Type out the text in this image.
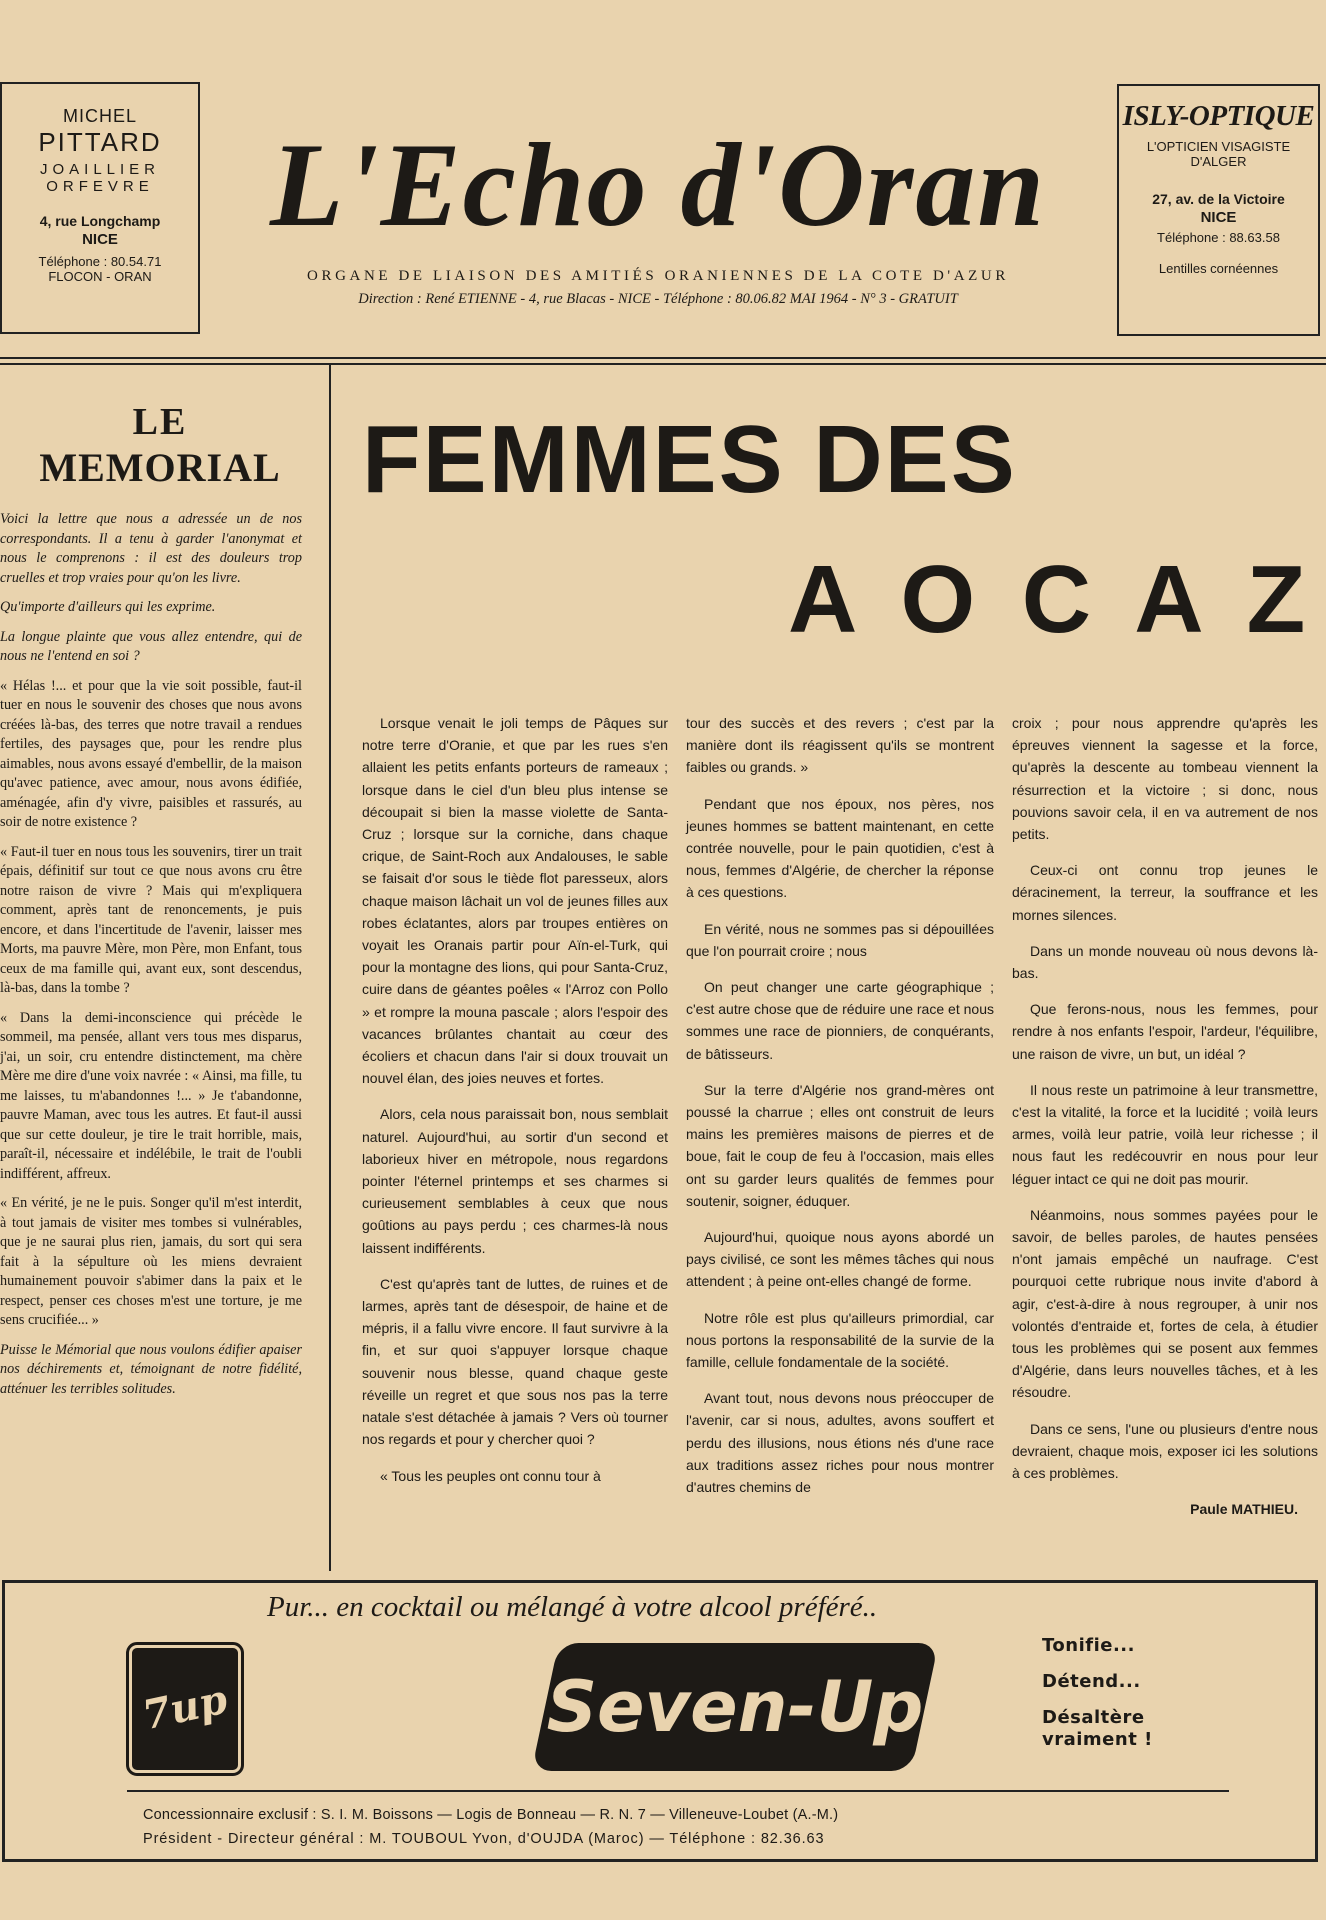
MICHEL
PITTARD
JOAILLIER
ORFEVRE
4, rue Longchamp
NICE
Téléphone : 80.54.71
FLOCON - ORAN
L'Echo d'Oran
ORGANE DE LIAISON DES AMITIÉS ORANIENNES DE LA COTE D'AZUR
Direction : René ETIENNE - 4, rue Blacas - NICE - Téléphone : 80.06.82 MAI 1964 - N° 3 - GRATUIT
ISLY-OPTIQUE
L'OPTICIEN VISAGISTE
D'ALGER
27, av. de la Victoire
NICE
Téléphone : 88.63.58
Lentilles cornéennes
LE
MEMORIAL

Voici la lettre que nous a adressée un de nos correspondants. Il a tenu à garder l'anonymat et nous le comprenons : il est des douleurs trop cruelles et trop vraies pour qu'on les livre.

Qu'importe d'ailleurs qui les exprime.

La longue plainte que vous allez entendre, qui de nous ne l'entend en soi ?

« Hélas !... et pour que la vie soit possible, faut-il tuer en nous le souvenir des choses que nous avons créées là-bas, des terres que notre travail a rendues fertiles, des paysages que, pour les rendre plus aimables, nous avons essayé d'embellir, de la maison qu'avec patience, avec amour, nous avons édifiée, aménagée, afin d'y vivre, paisibles et rassurés, au soir de notre existence ?

« Faut-il tuer en nous tous les souvenirs, tirer un trait épais, définitif sur tout ce que nous avons cru être notre raison de vivre ? Mais qui m'expliquera comment, après tant de renoncements, je puis encore, et dans l'incertitude de l'avenir, laisser mes Morts, ma pauvre Mère, mon Père, mon Enfant, tous ceux de ma famille qui, avant eux, sont descendus, là-bas, dans la tombe ?

« Dans la demi-inconscience qui précède le sommeil, ma pensée, allant vers tous mes disparus, j'ai, un soir, cru entendre distinctement, ma chère Mère me dire d'une voix navrée : « Ainsi, ma fille, tu me laisses, tu m'abandonnes !... » Je t'abandonne, pauvre Maman, avec tous les autres. Et faut-il aussi que sur cette douleur, je tire le trait horrible, mais, paraît-il, nécessaire et indélébile, le trait de l'oubli indifférent, affreux.

« En vérité, je ne le puis. Songer qu'il m'est interdit, à tout jamais de visiter mes tombes si vulnérables, que je ne saurai plus rien, jamais, du sort qui sera fait à la sépulture où les miens devraient humainement pouvoir s'abimer dans la paix et le respect, penser ces choses m'est une torture, je me sens crucifiée... »

Puisse le Mémorial que nous voulons édifier apaiser nos déchirements et, témoignant de notre fidélité, atténuer les terribles solitudes.

FEMMES DES
A O C A Z

Lorsque venait le joli temps de Pâques sur notre terre d'Oranie, et que par les rues s'en allaient les petits enfants porteurs de rameaux ; lorsque dans le ciel d'un bleu plus intense se découpait si bien la masse violette de Santa-Cruz ; lorsque sur la corniche, dans chaque crique, de Saint-Roch aux Andalouses, le sable se faisait d'or sous le tiède flot paresseux, alors chaque maison lâchait un vol de jeunes filles aux robes éclatantes, alors par troupes entières on voyait les Oranais partir pour Aïn-el-Turk, qui pour la montagne des lions, qui pour Santa-Cruz, cuire dans de géantes poêles « l'Arroz con Pollo » et rompre la mouna pascale ; alors l'espoir des vacances brûlantes chantait au cœur des écoliers et chacun dans l'air si doux trouvait un nouvel élan, des joies neuves et fortes.

Alors, cela nous paraissait bon, nous semblait naturel. Aujourd'hui, au sortir d'un second et laborieux hiver en métropole, nous regardons pointer l'éternel printemps et ses charmes si curieusement semblables à ceux que nous goûtions au pays perdu ; ces charmes-là nous laissent indifférents.

C'est qu'après tant de luttes, de ruines et de larmes, après tant de désespoir, de haine et de mépris, il a fallu vivre encore. Il faut survivre à la fin, et sur quoi s'appuyer lorsque chaque souvenir nous blesse, quand chaque geste réveille un regret et que sous nos pas la terre natale s'est détachée à jamais ? Vers où tourner nos regards et pour y chercher quoi ?

« Tous les peuples ont connu tour à

tour des succès et des revers ; c'est par la manière dont ils réagissent qu'ils se montrent faibles ou grands. »

Pendant que nos époux, nos pères, nos jeunes hommes se battent maintenant, en cette contrée nouvelle, pour le pain quotidien, c'est à nous, femmes d'Algérie, de chercher la réponse à ces questions.

En vérité, nous ne sommes pas si dépouillées que l'on pourrait croire ; nous

On peut changer une carte géographique ; c'est autre chose que de réduire une race et nous sommes une race de pionniers, de conquérants, de bâtisseurs.

Sur la terre d'Algérie nos grand-mères ont poussé la charrue ; elles ont construit de leurs mains les premières maisons de pierres et de boue, fait le coup de feu à l'occasion, mais elles ont su garder leurs qualités de femmes pour soutenir, soigner, éduquer.

Aujourd'hui, quoique nous ayons abordé un pays civilisé, ce sont les mêmes tâches qui nous attendent ; à peine ont-elles changé de forme.

Notre rôle est plus qu'ailleurs primordial, car nous portons la responsabilité de la survie de la famille, cellule fondamentale de la société.

Avant tout, nous devons nous préoccuper de l'avenir, car si nous, adultes, avons souffert et perdu des illusions, nous étions nés d'une race aux traditions assez riches pour nous montrer d'autres chemins de

croix ; pour nous apprendre qu'après les épreuves viennent la sagesse et la force, qu'après la descente au tombeau viennent la résurrection et la victoire ; si donc, nous pouvions savoir cela, il en va autrement de nos petits.

Ceux-ci ont connu trop jeunes le déracinement, la terreur, la souffrance et les mornes silences.

Dans un monde nouveau où nous devons là-bas.

Que ferons-nous, nous les femmes, pour rendre à nos enfants l'espoir, l'ardeur, l'équilibre, une raison de vivre, un but, un idéal ?

Il nous reste un patrimoine à leur transmettre, c'est la vitalité, la force et la lucidité ; voilà leurs armes, voilà leur patrie, voilà leur richesse ; il nous faut les redécouvrir en nous pour leur léguer intact ce qui ne doit pas mourir.

Néanmoins, nous sommes payées pour le savoir, de belles paroles, de hautes pensées n'ont jamais empêché un naufrage. C'est pourquoi cette rubrique nous invite d'abord à agir, c'est-à-dire à nous regrouper, à unir nos volontés d'entraide et, fortes de cela, à étudier tous les problèmes qui se posent aux femmes d'Algérie, dans leurs nouvelles tâches, et à les résoudre.

Dans ce sens, l'une ou plusieurs d'entre nous devraient, chaque mois, exposer ici les solutions à ces problèmes.

Paule MATHIEU.
Pur... en cocktail ou mélangé à votre alcool préféré..
7up	Seven-Up
Tonifie...
Détend...
Désaltère vraiment !
Concessionnaire exclusif : S. I. M. Boissons — Logis de Bonneau — R. N. 7 — Villeneuve-Loubet (A.-M.)
Président - Directeur général : M. TOUBOUL Yvon, d'OUJDA (Maroc) — Téléphone : 82.36.63
